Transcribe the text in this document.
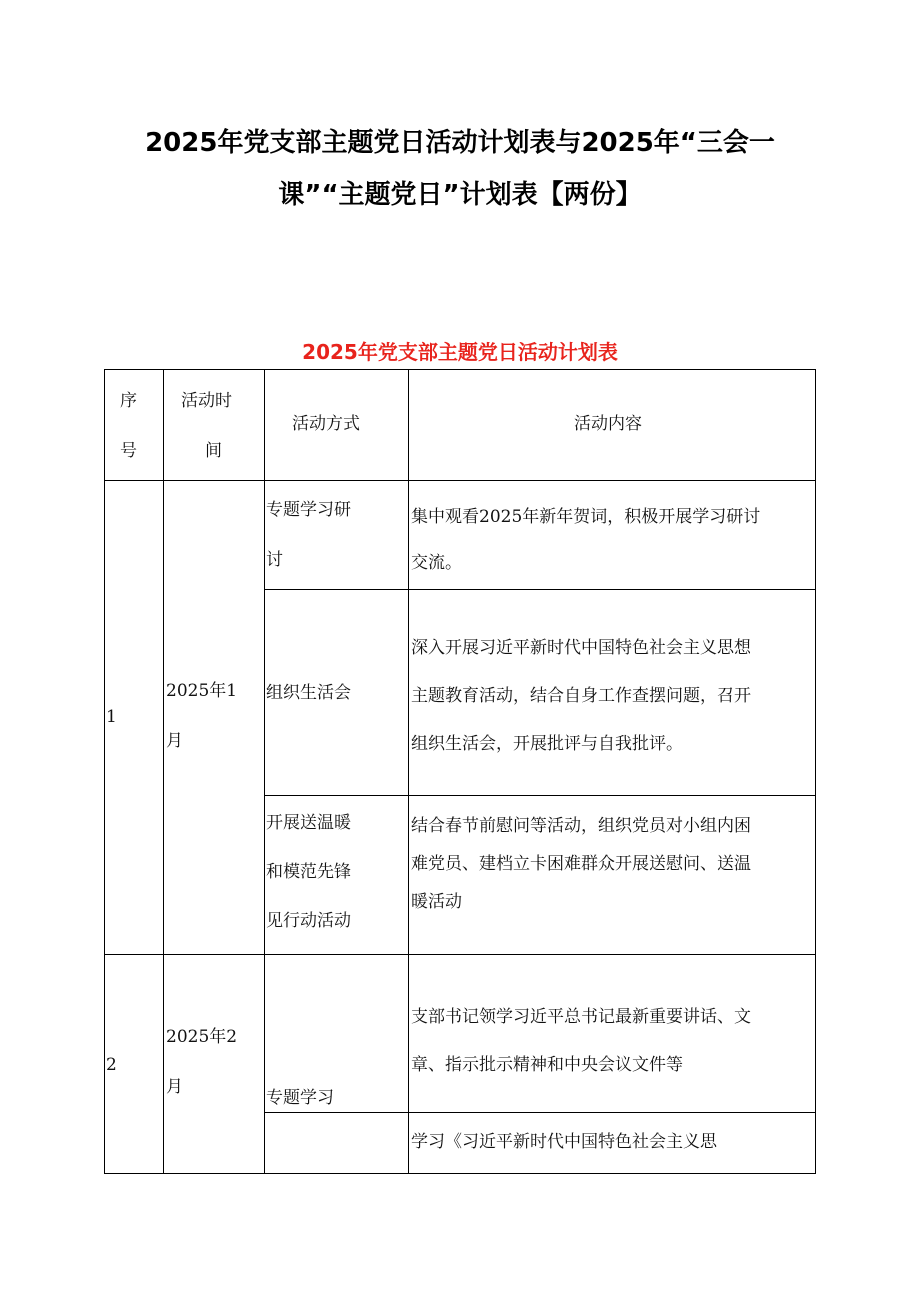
2025年党支部主题党日活动计划表与2025年“三会一
课”“主题党日”计划表【两份】
2025年党支部主题党日活动计划表
序
号
活动时
间
活动方式	活动内容
1
2025年1
月
专题学习研
讨
集中观看2025年新年贺词，积极开展学习研讨
交流。
组织生活会
深入开展习近平新时代中国特色社会主义思想
主题教育活动，结合自身工作查摆问题，召开
组织生活会，开展批评与自我批评。
开展送温暖
和模范先锋
见行动活动
结合春节前慰问等活动，组织党员对小组内困
难党员、建档立卡困难群众开展送慰问、送温
暖活动
2
2025年2
月
专题学习
支部书记领学习近平总书记最新重要讲话、文
章、指示批示精神和中央会议文件等
学习《习近平新时代中国特色社会主义思
